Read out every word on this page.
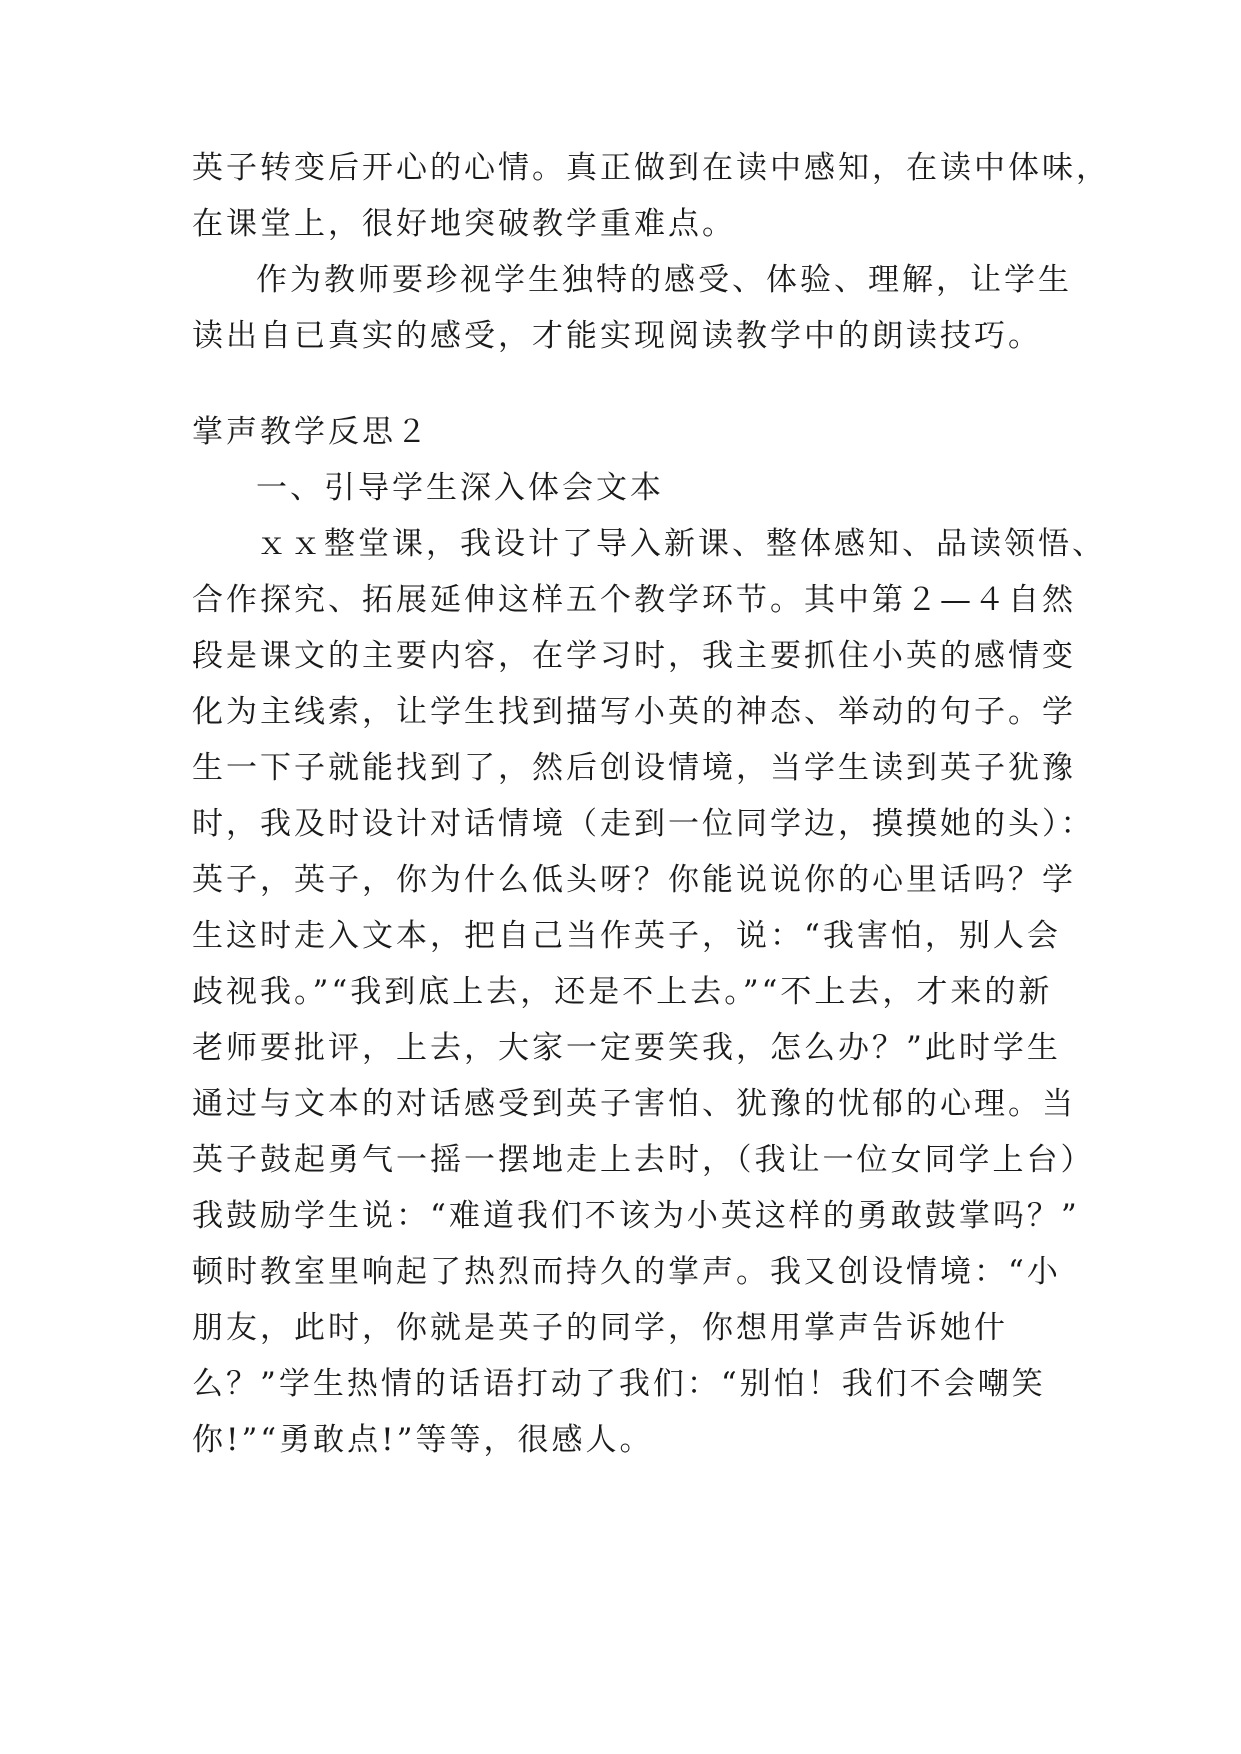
英子转变后开心的心情。真正做到在读中感知，在读中体味，
在课堂上，很好地突破教学重难点。
作为教师要珍视学生独特的感受、体验、理解，让学生
读出自已真实的感受，才能实现阅读教学中的朗读技巧。
掌声教学反思２
一、引导学生深入体会文本
ｘｘ整堂课，我设计了导入新课、整体感知、品读领悟、
合作探究、拓展延伸这样五个教学环节。其中第２—４自然
段是课文的主要内容，在学习时，我主要抓住小英的感情变
化为主线索，让学生找到描写小英的神态、举动的句子。学
生一下子就能找到了，然后创设情境，当学生读到英子犹豫
时，我及时设计对话情境（走到一位同学边，摸摸她的头）：
英子，英子，你为什么低头呀？你能说说你的心里话吗？学
生这时走入文本，把自己当作英子，说：“我害怕，别人会
歧视我。”“我到底上去，还是不上去。”“不上去，才来的新
老师要批评，上去，大家一定要笑我，怎么办？”此时学生
通过与文本的对话感受到英子害怕、犹豫的忧郁的心理。当
英子鼓起勇气一摇一摆地走上去时，（我让一位女同学上台）
我鼓励学生说：“难道我们不该为小英这样的勇敢鼓掌吗？”
顿时教室里响起了热烈而持久的掌声。我又创设情境：“小
朋友，此时，你就是英子的同学，你想用掌声告诉她什
么？”学生热情的话语打动了我们：“别怕！我们不会嘲笑
你!”“勇敢点!”等等，很感人。
